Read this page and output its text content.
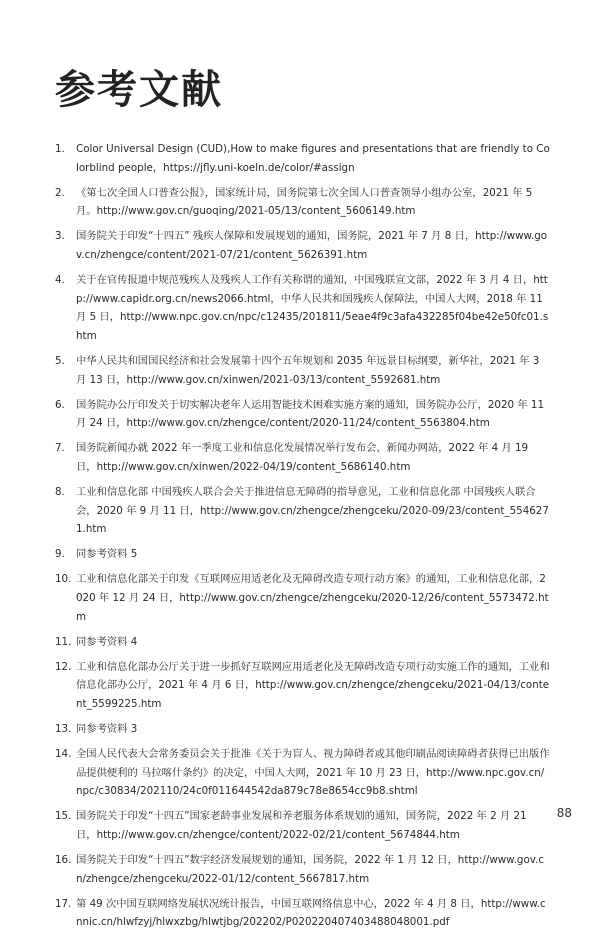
参考文献
1. Color Universal Design (CUD),How to make figures and presentations that are friendly to Colorblind people，https://jfly.uni-koeln.de/color/#assign
2. 《第七次全国人口普查公报》，国家统计局，国务院第七次全国人口普查领导小组办公室，2021 年 5 月。http://www.gov.cn/guoqing/2021-05/13/content_5606149.htm
3. 国务院关于印发“十四五” 残疾人保障和发展规划的通知，国务院，2021 年 7 月 8 日，http://www.gov.cn/zhengce/content/2021-07/21/content_5626391.htm
4. 关于在官传报道中规范残疾人及残疾人工作有关称谓的通知，中国残联宣文部，2022 年 3 月 4 日，http://www.capidr.org.cn/news2066.html，中华人民共和国残疾人保障法，中国人大网，2018 年 11 月 5 日，http://www.npc.gov.cn/npc/c12435/201811/5eae4f9c3afa432285f04be42e50fc01.shtm
5. 中华人民共和国国民经济和社会发展第十四个五年规划和 2035 年远景目标纲要，新华社，2021 年 3 月 13 日，http://www.gov.cn/xinwen/2021-03/13/content_5592681.htm
6. 国务院办公厅印发关于切实解决老年人运用智能技术困难实施方案的通知，国务院办公厅，2020 年 11 月 24 日，http://www.gov.cn/zhengce/content/2020-11/24/content_5563804.htm
7. 国务院新闻办就 2022 年一季度工业和信息化发展情况举行发布会，新闻办网站，2022 年 4 月 19 日，http://www.gov.cn/xinwen/2022-04/19/content_5686140.htm
8. 工业和信息化部 中国残疾人联合会关于推进信息无障碍的指导意见，工业和信息化部 中国残疾人联合会，2020 年 9 月 11 日，http://www.gov.cn/zhengce/zhengceku/2020-09/23/content_5546271.htm
9. 同参考资料 5
10. 工业和信息化部关于印发《互联网应用适老化及无障碍改造专项行动方案》的通知，工业和信息化部，2020 年 12 月 24 日，http://www.gov.cn/zhengce/zhengceku/2020-12/26/content_5573472.htm
11. 同参考资料 4
12. 工业和信息化部办公厅关于进一步抓好互联网应用适老化及无障碍改造专项行动实施工作的通知，工业和信息化部办公厅，2021 年 4 月 6 日，http://www.gov.cn/zhengce/zhengceku/2021-04/13/content_5599225.htm
13. 同参考资料 3
14. 全国人民代表大会常务委员会关于批准《关于为盲人、视力障碍者或其他印刷品阅读障碍者获得已出版作品提供便利的 马拉喀什条约》的决定，中国人大网，2021 年 10 月 23 日，http://www.npc.gov.cn/npc/c30834/202110/24c0f011644542da879c78e8654cc9b8.shtml
15. 国务院关于印发“十四五”国家老龄事业发展和养老服务体系规划的通知，国务院，2022 年 2 月 21 日，http://www.gov.cn/zhengce/content/2022-02/21/content_5674844.htm
16. 国务院关于印发“十四五”数字经济发展规划的通知，国务院，2022 年 1 月 12 日，http://www.gov.cn/zhengce/zhengceku/2022-01/12/content_5667817.htm
17. 第 49 次中国互联网络发展状况统计报告，中国互联网络信息中心，2022 年 4 月 8 日，http://www.cnnic.cn/hlwfzyj/hlwxzbg/hlwtjbg/202202/P020220407403488048001.pdf
88
